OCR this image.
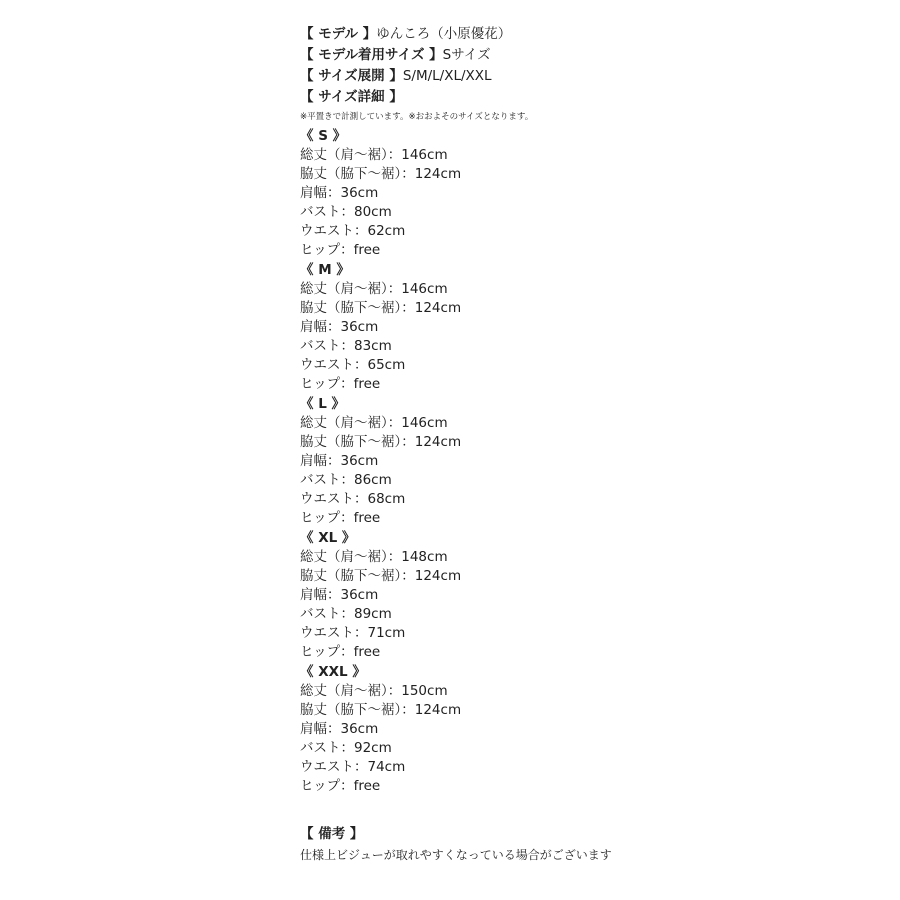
【 モデル 】ゆんころ（小原優花）
【 モデル着用サイズ 】Sサイズ
【 サイズ展開 】S/M/L/XL/XXL
【 サイズ詳細 】
※平置きで計測しています。※おおよそのサイズとなります。
《 S 》
総丈（肩～裾）：146cm
脇丈（脇下～裾）：124cm
肩幅：36cm
バスト：80cm
ウエスト：62cm
ヒップ：free
《 M 》
総丈（肩～裾）：146cm
脇丈（脇下～裾）：124cm
肩幅：36cm
バスト：83cm
ウエスト：65cm
ヒップ：free
《 L 》
総丈（肩～裾）：146cm
脇丈（脇下～裾）：124cm
肩幅：36cm
バスト：86cm
ウエスト：68cm
ヒップ：free
《 XL 》
総丈（肩～裾）：148cm
脇丈（脇下～裾）：124cm
肩幅：36cm
バスト：89cm
ウエスト：71cm
ヒップ：free
《 XXL 》
総丈（肩～裾）：150cm
脇丈（脇下～裾）：124cm
肩幅：36cm
バスト：92cm
ウエスト：74cm
ヒップ：free
【 備考 】
仕様上ビジューが取れやすくなっている場合がございます
